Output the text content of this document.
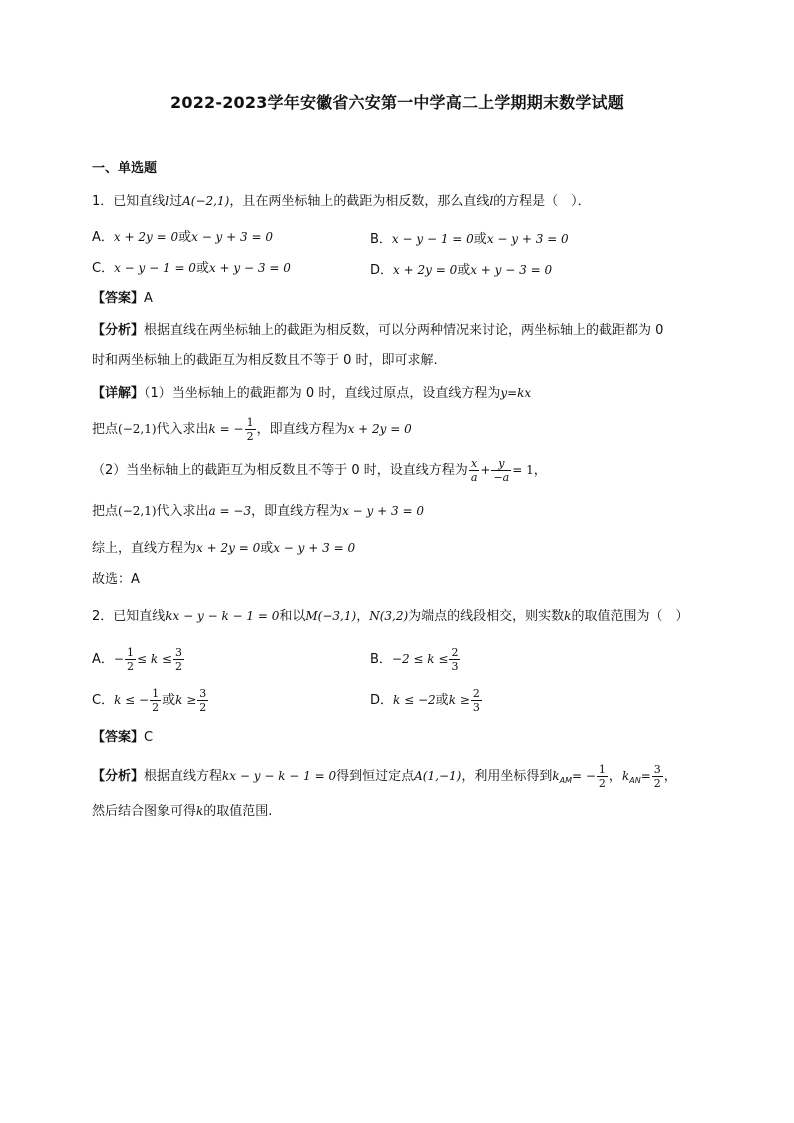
2022-2023学年安徽省六安第一中学高二上学期期末数学试题
一、单选题
1．已知直线l过A(−2,1)，且在两坐标轴上的截距为相反数，那么直线l的方程是（　）．
A．x + 2y = 0或x − y + 3 = 0	B．x − y − 1 = 0或x − y + 3 = 0
C．x − y − 1 = 0或x + y − 3 = 0	D．x + 2y = 0或x + y − 3 = 0
【答案】A
【分析】根据直线在两坐标轴上的截距为相反数，可以分两种情况来讨论，两坐标轴上的截距都为 0
时和两坐标轴上的截距互为相反数且不等于 0 时，即可求解.
【详解】（1）当坐标轴上的截距都为 0 时，直线过原点，设直线方程为y=kx
把点(−2,1)代入求出k = − $\frac{1}{2}$ ，即直线方程为x + 2y = 0
（2）当坐标轴上的截距互为相反数且不等于 0 时，设直线方程为 $\frac{x}{a} + \frac{y}{-a} = 1$，
把点(−2,1)代入求出a = −3，即直线方程为x − y + 3 = 0
综上，直线方程为x + 2y = 0或x − y + 3 = 0
故选：A
2．已知直线kx − y − k − 1 = 0和以M(−3,1)，N(3,2)为端点的线段相交，则实数k的取值范围为（　）
A．− $\frac{1}{2} \le k \le \frac{3}{2}$	B．$-2 \le k \le \frac{2}{3}$
C．k ≤ − $\frac{1}{2}$ 或$k \ge \frac{3}{2}$	D．k ≤ −2或$k \ge \frac{2}{3}$
【答案】C
【分析】根据直线方程kx − y − k − 1 = 0得到恒过定点A(1,−1)，利用坐标得到$k_{AM}= - \frac{1}{2}$ ，$k_{AN}= \frac{3}{2}$ ，
然后结合图象可得k的取值范围.
